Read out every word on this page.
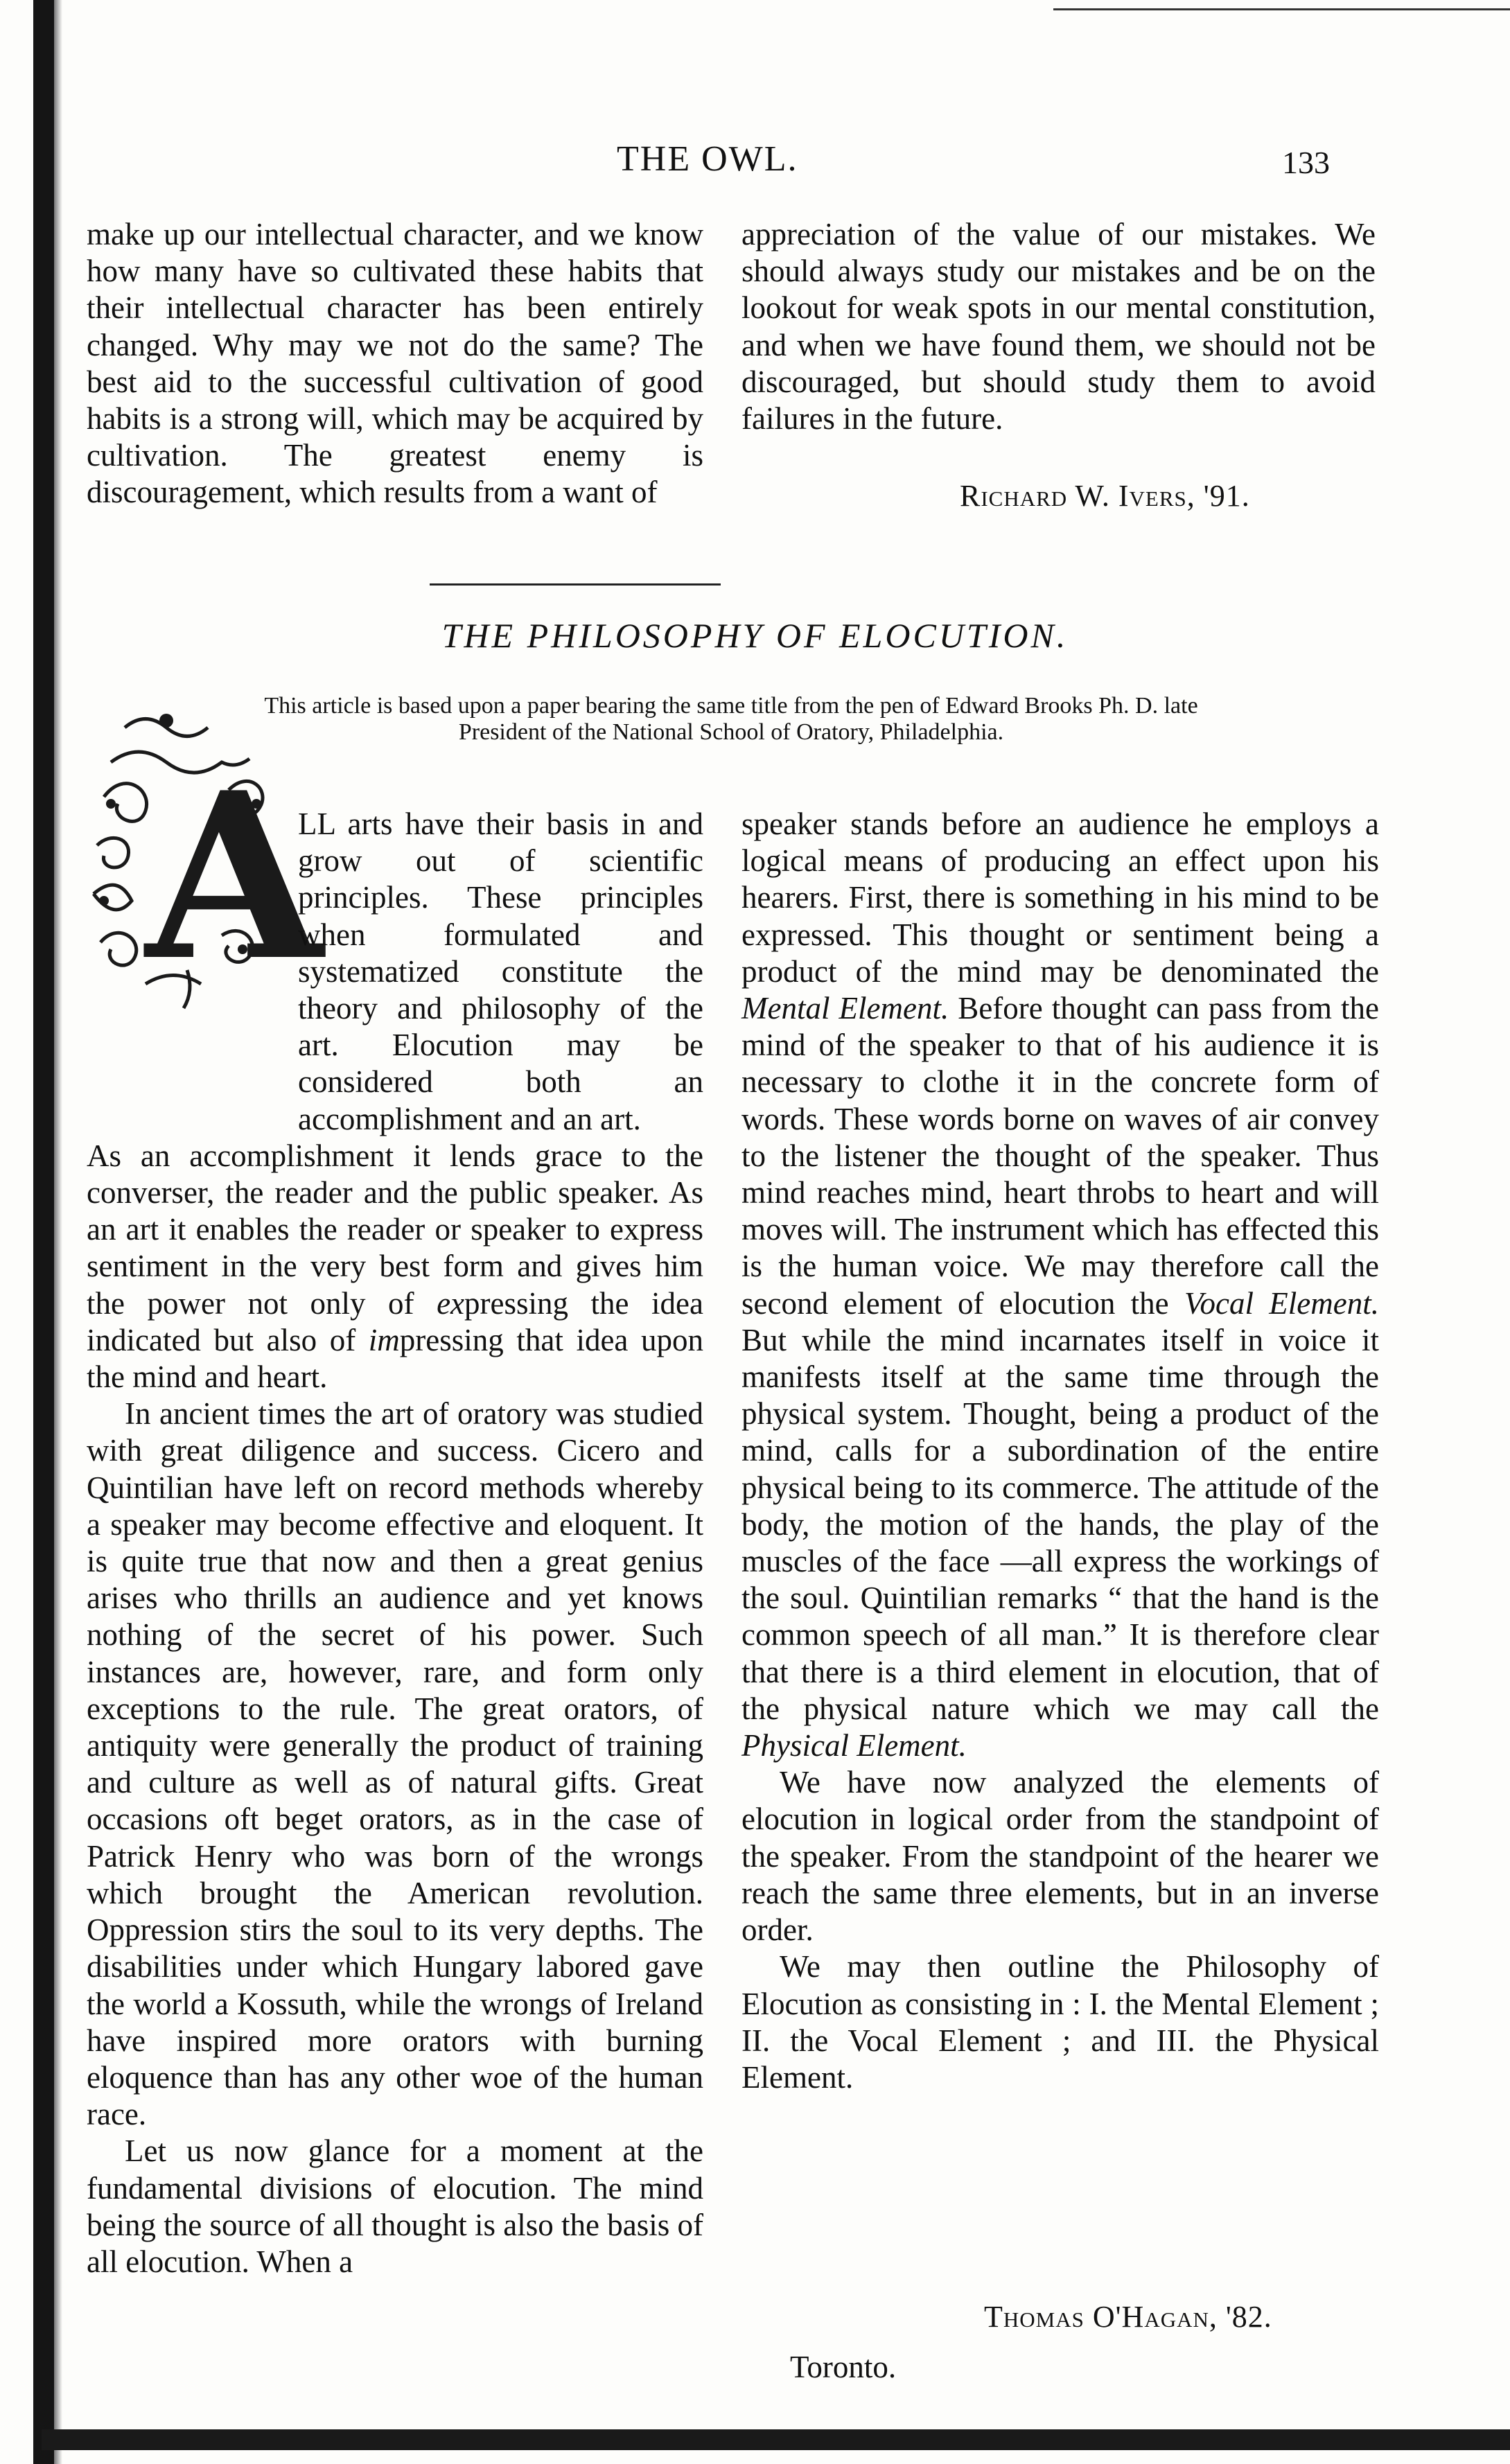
THE OWL.	133

make up our intellectual character, and we know how many have so cultivated these habits that their intellectual character has been entirely changed. Why may we not do the same? The best aid to the successful cultivation of good habits is a strong will, which may be acquired by cultivation. The greatest enemy is discouragement, which results from a want of

appreciation of the value of our mistakes. We should always study our mistakes and be on the lookout for weak spots in our mental constitution, and when we have found them, we should not be discouraged, but should study them to avoid failures in the future.

Richard W. Ivers, '91.
THE PHILOSOPHY OF ELOCUTION.
This article is based upon a paper bearing the same title from the pen of Edward Brooks Ph. D. late President of the National School of Oratory, Philadelphia.
A

LL arts have their basis in and grow out of scientific principles. These principles when formulated and systematized constitute the theory and philosophy of the art. Elocution may be considered both an accomplishment and an art.

As an accomplishment it lends grace to the converser, the reader and the public speaker. As an art it enables the reader or speaker to express sentiment in the very best form and gives him the power not only of expressing the idea indicated but also of impressing that idea upon the mind and heart.

In ancient times the art of oratory was studied with great diligence and success. Cicero and Quintilian have left on record methods whereby a speaker may become effective and eloquent. It is quite true that now and then a great genius arises who thrills an audience and yet knows nothing of the secret of his power. Such instances are, however, rare, and form only exceptions to the rule. The great orators, of antiquity were generally the product of training and culture as well as of natural gifts. Great occasions oft beget orators, as in the case of Patrick Henry who was born of the wrongs which brought the American revolution. Oppression stirs the soul to its very depths. The disabilities under which Hungary labored gave the world a Kossuth, while the wrongs of Ireland have inspired more orators with burning eloquence than has any other woe of the human race.

Let us now glance for a moment at the fundamental divisions of elocution. The mind being the source of all thought is also the basis of all elocution. When a

speaker stands before an audience he employs a logical means of producing an effect upon his hearers. First, there is something in his mind to be expressed. This thought or sentiment being a product of the mind may be denominated the Mental Element. Before thought can pass from the mind of the speaker to that of his audience it is necessary to clothe it in the concrete form of words. These words borne on waves of air convey to the listener the thought of the speaker. Thus mind reaches mind, heart throbs to heart and will moves will. The instrument which has effected this is the human voice. We may therefore call the second element of elocution the Vocal Element. But while the mind incarnates itself in voice it manifests itself at the same time through the physical system. Thought, being a product of the mind, calls for a subordination of the entire physical being to its commerce. The attitude of the body, the motion of the hands, the play of the muscles of the face —all express the workings of the soul. Quintilian remarks “ that the hand is the common speech of all man.” It is therefore clear that there is a third element in elocution, that of the physical nature which we may call the Physical Element.

We have now analyzed the elements of elocution in logical order from the standpoint of the speaker. From the standpoint of the hearer we reach the same three elements, but in an inverse order.

We may then outline the Philosophy of Elocution as consisting in : I. the Mental Element ; II. the Vocal Element ; and III. the Physical Element.

Thomas O'Hagan, '82.
Toronto.
